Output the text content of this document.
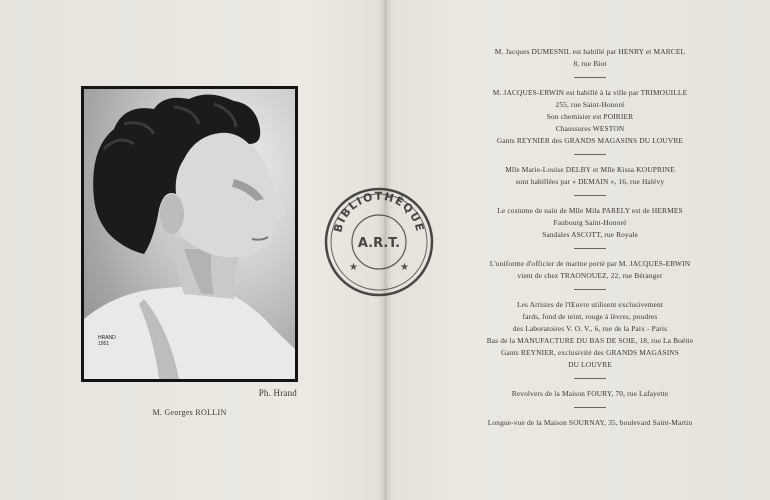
HRAND
1951
Ph. Hrand
M. Georges ROLLIN
M. Jacques DUMESNIL est habillé par HENRY et MARCEL
8, rue Biot
M. JACQUES-ERWIN est habillé à la ville par TRIMOUILLE
255, rue Saint-Honoré
Son chemisier est POIRIER
Chaussures WESTON
Gants REYNIER des GRANDS MAGASINS DU LOUVRE
Mlle Marie-Louise DELBY et Mlle Kissa KOUPRINE
sont habillées par « DEMAIN », 16, rue Halévy
Le costume de nain de Mlle Mila PARELY est de HERMES
Faubourg Saint-Honoré
Sandales ASCOTT, rue Royale
L'uniforme d'officier de marine porté par M. JACQUES-ERWIN
vient de chez TRAONOUEZ, 22, rue Béranger
Les Artistes de l'Œuvre utilisent exclusivement
fards, fond de teint, rouge à lèvres, poudres
des Laboratoires V. O. V., 6, rue de la Paix - Paris
Bas de la MANUFACTURE DU BAS DE SOIE, 18, rue La Boëtie
Gants REYNIER, exclusivité des GRANDS MAGASINS
DU LOUVRE
Revolvers de la Maison FOURY, 70, rue Lafayette
Longue-vue de la Maison SOURNAY, 35, boulevard Saint-Martin
BIBLIOTHÈQUE
A.R.T.
★	★
